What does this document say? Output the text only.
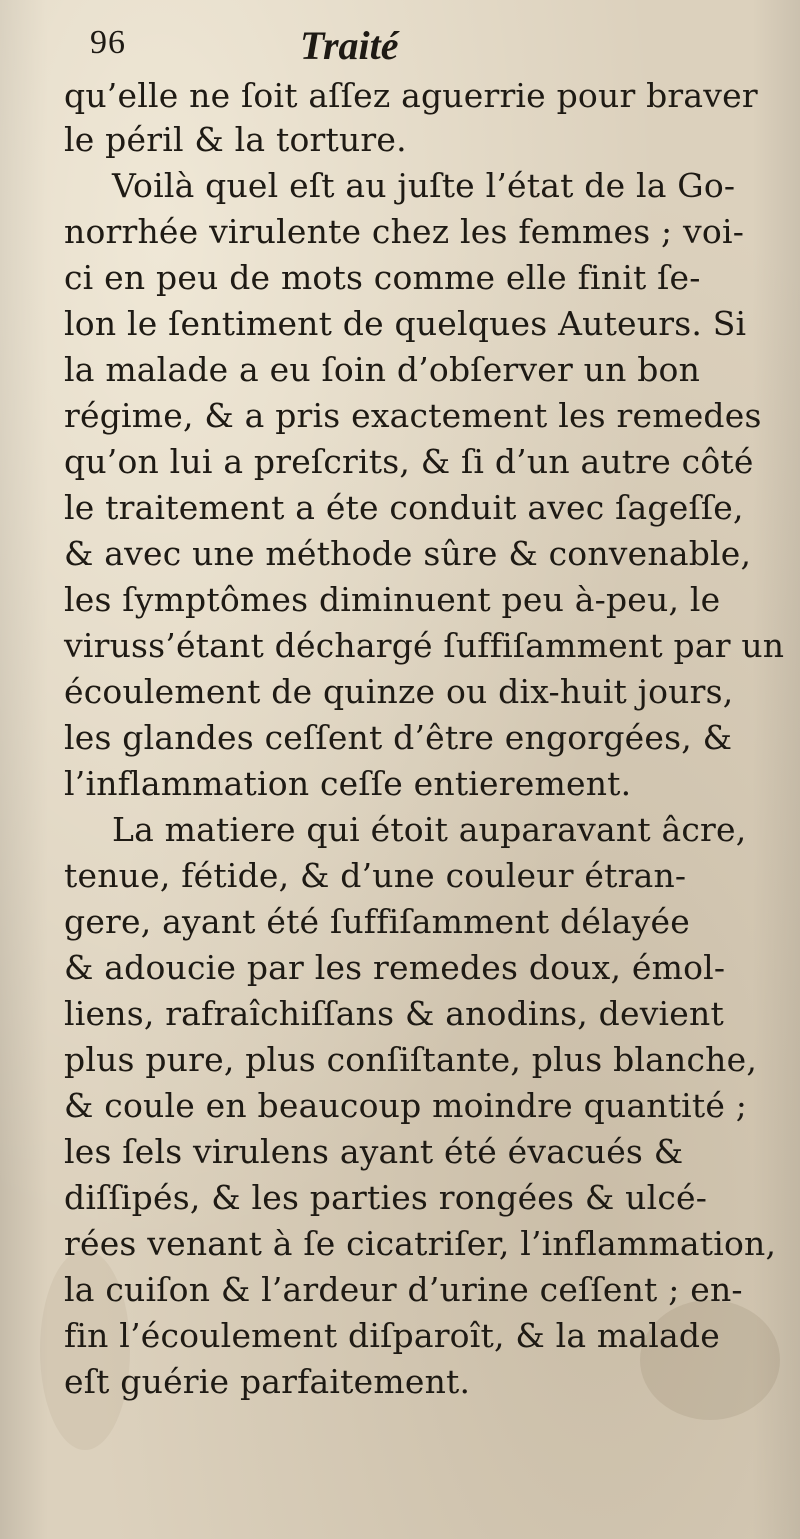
96	Traité
qu’elle ne ſoit aſſez aguerrie pour braver
le péril & la torture.
Voilà quel eſt au juſte l’état de la Go-
norrhée virulente chez les femmes ; voi-
ci en peu de mots comme elle finit ſe-
lon le ſentiment de quelques Auteurs. Si
la malade a eu ſoin d’obſerver un bon
régime, & a pris exactement les remedes
qu’on lui a preſcrits, & ſi d’un autre côté
le traitement a éte conduit avec ſageſſe,
& avec une méthode sûre & convenable,
les ſymptômes diminuent peu à-peu, le
viruss’étant déchargé ſuffiſamment par un
écoulement de quinze ou dix-huit jours,
les glandes ceſſent d’être engorgées, &
l’inflammation ceſſe entierement.
La matiere qui étoit auparavant âcre,
tenue, fétide, & d’une couleur étran-
gere, ayant été ſuffiſamment délayée
& adoucie par les remedes doux, émol-
liens, rafraîchiſſans & anodins, devient
plus pure, plus conſiſtante, plus blanche,
& coule en beaucoup moindre quantité ;
les ſels virulens ayant été évacués &
diſſipés, & les parties rongées & ulcé-
rées venant à ſe cicatriſer, l’inflammation,
la cuiſon & l’ardeur d’urine ceſſent ; en-
fin l’écoulement diſparoît, & la malade
eſt guérie parfaitement.
